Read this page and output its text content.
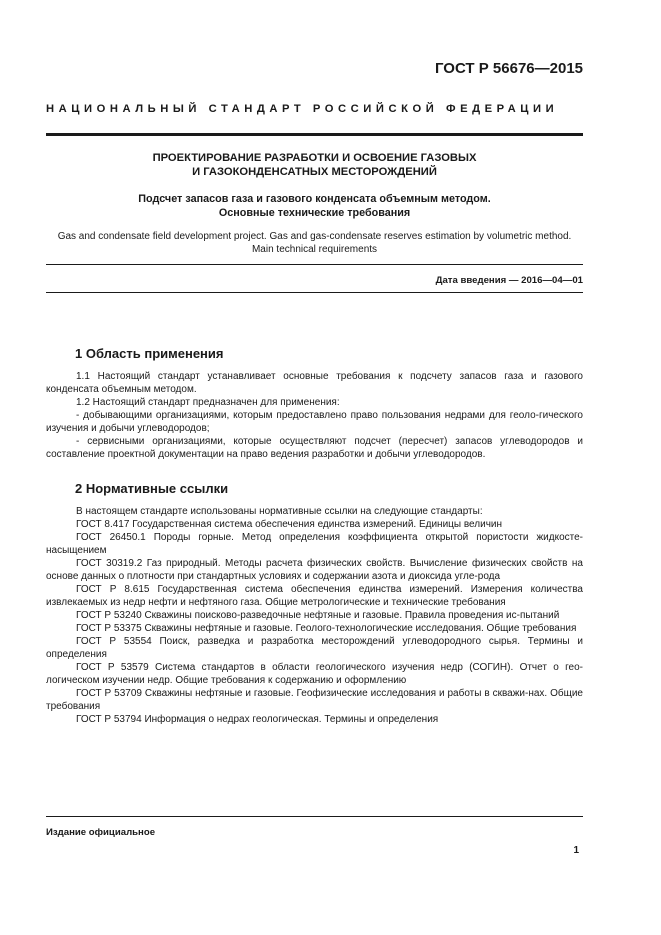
ГОСТ Р 56676—2015
НАЦИОНАЛЬНЫЙ СТАНДАРТ РОССИЙСКОЙ ФЕДЕРАЦИИ
ПРОЕКТИРОВАНИЕ РАЗРАБОТКИ И ОСВОЕНИЕ ГАЗОВЫХ
И ГАЗОКОНДЕНСАТНЫХ МЕСТОРОЖДЕНИЙ
Подсчет запасов газа и газового конденсата объемным методом.
Основные технические требования
Gas and condensate field development project. Gas and gas-condensate reserves estimation by volumetric method.
Main technical requirements
Дата введения — 2016—04—01
1 Область применения

1.1 Настоящий стандарт устанавливает основные требования к подсчету запасов газа и газового конденсата объемным методом.

1.2 Настоящий стандарт предназначен для применения:

- добывающими организациями, которым предоставлено право пользования недрами для геоло-гического изучения и добычи углеводородов;

- сервисными организациями, которые осуществляют подсчет (пересчет) запасов углеводородов и составление проектной документации на право ведения разработки и добычи углеводородов.

2 Нормативные ссылки

В настоящем стандарте использованы нормативные ссылки на следующие стандарты:

ГОСТ 8.417 Государственная система обеспечения единства измерений. Единицы величин

ГОСТ 26450.1 Породы горные. Метод определения коэффициента открытой пористости жидкосте-насыщением

ГОСТ 30319.2 Газ природный. Методы расчета физических свойств. Вычисление физических свойств на основе данных о плотности при стандартных условиях и содержании азота и диоксида угле-рода

ГОСТ Р 8.615 Государственная система обеспечения единства измерений. Измерения количества извлекаемых из недр нефти и нефтяного газа. Общие метрологические и технические требования

ГОСТ Р 53240 Скважины поисково-разведочные нефтяные и газовые. Правила проведения ис-пытаний

ГОСТ Р 53375 Скважины нефтяные и газовые. Геолого-технологические исследования. Общие требования

ГОСТ Р 53554 Поиск, разведка и разработка месторождений углеводородного сырья. Термины и определения

ГОСТ Р 53579 Система стандартов в области геологического изучения недр (СОГИН). Отчет о гео-логическом изучении недр. Общие требования к содержанию и оформлению

ГОСТ Р 53709 Скважины нефтяные и газовые. Геофизические исследования и работы в скважи-нах. Общие требования

ГОСТ Р 53794 Информация о недрах геологическая. Термины и определения

Издание официальное
1
